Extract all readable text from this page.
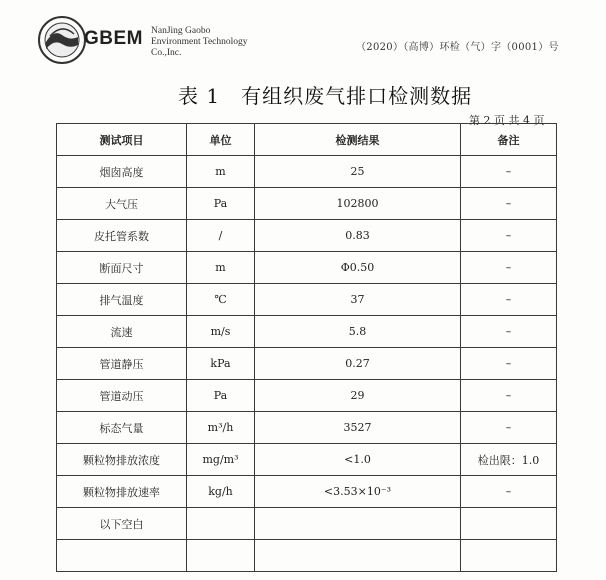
GBEM NanJing Gaobo
Environment Technology
Co.,Inc.	（2020）（高博）环检（气）字（0001）号
表 1　有组织废气排口检测数据
第 2 页 共 4 页
测试项目	单位	检测结果	备注
烟囱高度	m	25	–
大气压	Pa	102800	–
皮托管系数	/	0.83	–
断面尺寸	m	Φ0.50	–
排气温度	℃	37	–
流速	m/s	5.8	–
管道静压	kPa	0.27	–
管道动压	Pa	29	–
标态气量	m³/h	3527	–
颗粒物排放浓度	mg/m³	<1.0	检出限：1.0
颗粒物排放速率	kg/h	<3.53×10⁻³	–
以下空白			
